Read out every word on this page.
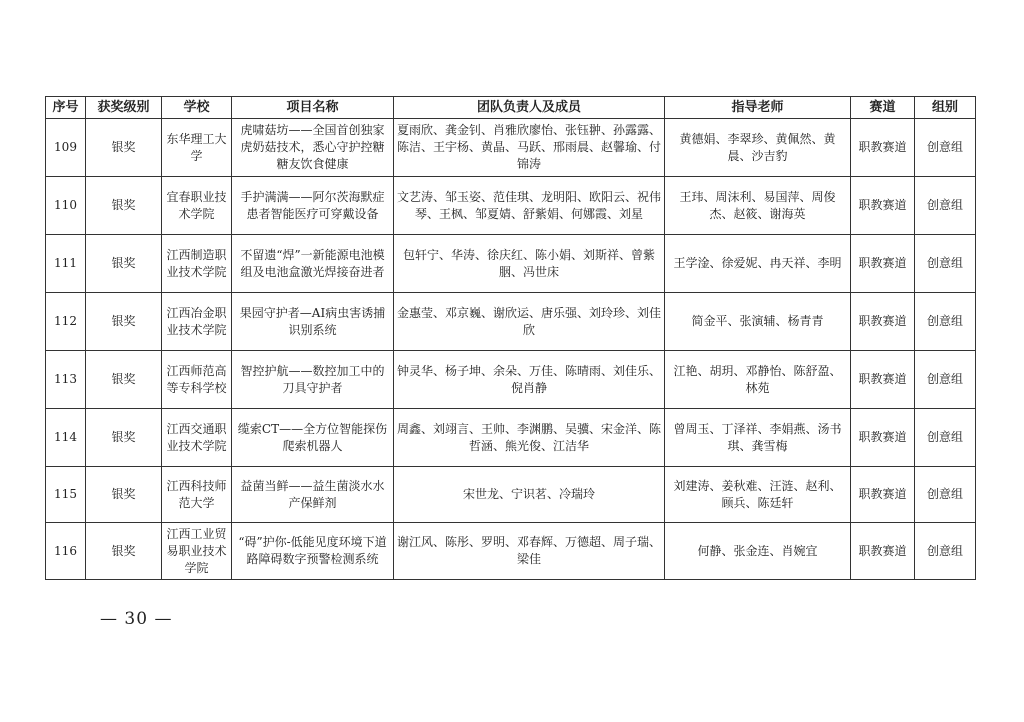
序号	获奖级别	学校	项目名称	团队负责人及成员	指导老师	赛道	组别
109	银奖	东华理工大学	虎啸菇坊——全国首创独家虎奶菇技术，悉心守护控糖糖友饮食健康	夏雨欣、龚金钊、肖雅欣廖怡、张钰翀、孙露露、陈洁、王宇杨、黄晶、马跃、邢雨晨、赵馨瑜、付锦涛	黄德娟、李翠珍、黄佩然、黄晨、沙吉豹	职教赛道	创意组
110	银奖	宜春职业技术学院	手护满满——阿尔茨海默症患者智能医疗可穿戴设备	文艺涛、邹玉姿、范佳琪、龙明阳、欧阳云、祝伟琴、王枫、邹夏婧、舒紫娟、何娜霞、刘星	王玮、周沫利、易国萍、周俊杰、赵筱、谢海英	职教赛道	创意组
111	银奖	江西制造职业技术学院	不留遗“焊”一新能源电池模组及电池盒激光焊接奋进者	包轩宁、华涛、徐庆红、陈小娟、刘斯祥、曾紫胭、冯世床	王学淦、徐爱妮、冉天祥、李明	职教赛道	创意组
112	银奖	江西冶金职业技术学院	果园守护者—AI病虫害诱捕识别系统	金惠莹、邓京巍、谢欣运、唐乐强、刘玲珍、刘佳欣	简金平、张演辅、杨青青	职教赛道	创意组
113	银奖	江西师范高等专科学校	智控护航——数控加工中的刀具守护者	钟灵华、杨子坤、余朵、万佳、陈晴雨、刘佳乐、倪肖静	江艳、胡玥、邓静怡、陈舒盈、林苑	职教赛道	创意组
114	银奖	江西交通职业技术学院	缆索CT——全方位智能探伤爬索机器人	周鑫、刘翊言、王帅、李渊鹏、吴骥、宋金洋、陈哲涵、熊光俊、江洁华	曾周玉、丁泽祥、李娟燕、汤书琪、龚雪梅	职教赛道	创意组
115	银奖	江西科技师范大学	益菌当鲜——益生菌淡水水产保鲜剂	宋世龙、宁识茗、冷瑞玲	刘建涛、姜秋难、汪涟、赵利、顾兵、陈廷轩	职教赛道	创意组
116	银奖	江西工业贸易职业技术学院	“碍”护你-低能见度环境下道路障碍数字预警检测系统	谢江风、陈彤、罗明、邓春辉、万德超、周子瑞、梁佳	何静、张金连、肖婉宜	职教赛道	创意组
— 30 —
